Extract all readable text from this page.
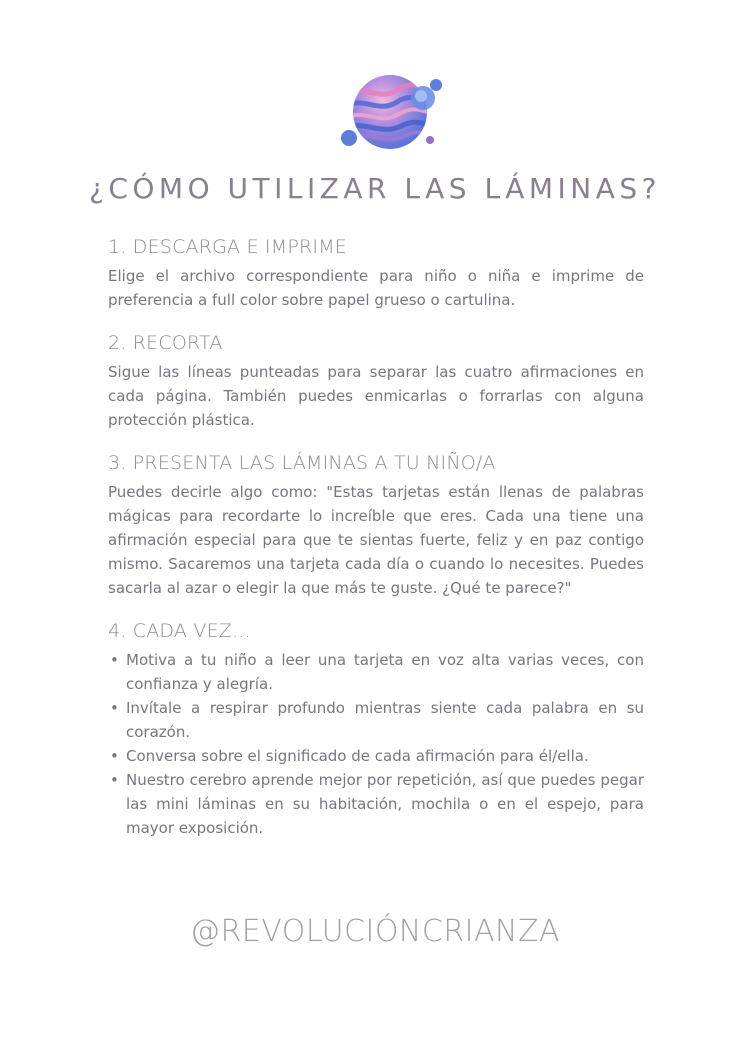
¿CÓMO UTILIZAR LAS LÁMINAS?
1. DESCARGA E IMPRIME

Elige el archivo correspondiente para niño o niña e imprime de preferencia a full color sobre papel grueso o cartulina.

2. RECORTA

Sigue las líneas punteadas para separar las cuatro afirmaciones en cada página. También puedes enmicarlas o forrarlas con alguna protección plástica.

3. PRESENTA LAS LÁMINAS A TU NIÑO/A

Puedes decirle algo como: "Estas tarjetas están llenas de palabras mágicas para recordarte lo increíble que eres. Cada una tiene una afirmación especial para que te sientas fuerte, feliz y en paz contigo mismo. Sacaremos una tarjeta cada día o cuando lo necesites. Puedes sacarla al azar o elegir la que más te guste. ¿Qué te parece?"

4. CADA VEZ...
• Motiva a tu niño a leer una tarjeta en voz alta varias veces, con confianza y alegría.
• Invítale a respirar profundo mientras siente cada palabra en su corazón.
• Conversa sobre el significado de cada afirmación para él/ella.
• Nuestro cerebro aprende mejor por repetición, así que puedes pegar las mini láminas en su habitación, mochila o en el espejo, para mayor exposición.
@REVOLUCIÓNCRIANZA
